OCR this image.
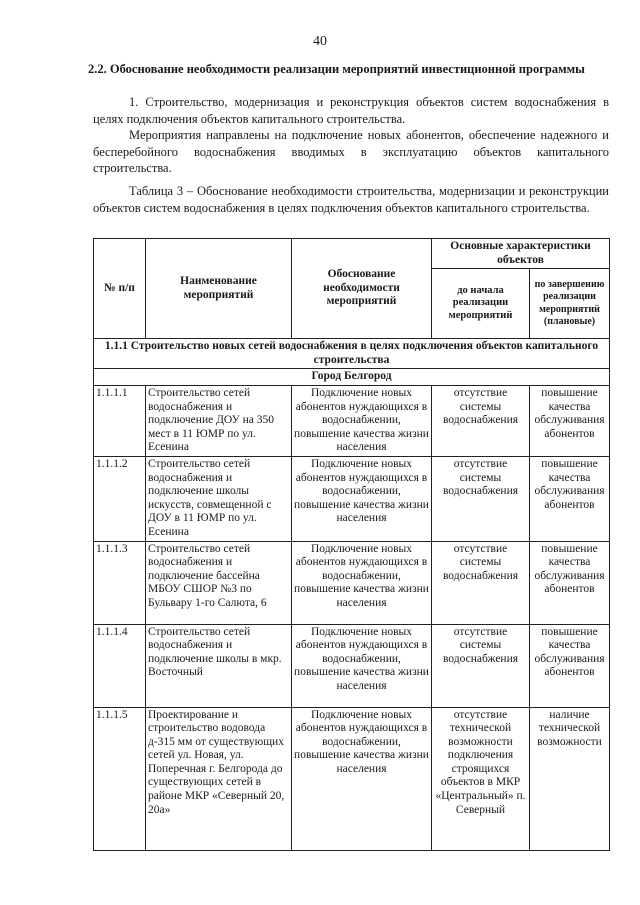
40
2.2. Обоснование необходимости реализации мероприятий инвестиционной программы
1. Строительство, модернизация и реконструкция объектов систем водоснабжения в целях подключения объектов капитального строительства.
Мероприятия направлены на подключение новых абонентов, обеспечение надежного и бесперебойного водоснабжения вводимых в эксплуатацию объектов капитального строительства.
Таблица 3 – Обоснование необходимости строительства, модернизации и реконструкции объектов систем водоснабжения в целях подключения объектов капитального строительства.
№ п/п	Наименование мероприятий	Обоснование необходимости мероприятий	Основные характеристики объектов	
			до начала реализации мероприятий	по завершению реализации мероприятий (плановые)
1.1.1 Строительство новых сетей водоснабжения в целях подключения объектов капитального строительства				
Город Белгород				
1.1.1.1	Строительство сетей водоснабжения и подключение ДОУ на 350 мест в 11 ЮМР по ул. Есенина	Подключение новых абонентов нуждающихся в водоснабжении, повышение качества жизни населения	отсутствие системы водоснабжения	повышение качества обслуживания абонентов
1.1.1.2	Строительство сетей водоснабжения и подключение школы искусств, совмещенной с ДОУ в 11 ЮМР по ул. Есенина	Подключение новых абонентов нуждающихся в водоснабжении, повышение качества жизни населения	отсутствие системы водоснабжения	повышение качества обслуживания абонентов
1.1.1.3	Строительство сетей водоснабжения и подключение бассейна МБОУ СШОР №3 по Бульвару 1-го Салюта, 6	Подключение новых абонентов нуждающихся в водоснабжении, повышение качества жизни населения	отсутствие системы водоснабжения	повышение качества обслуживания абонентов
1.1.1.4	Строительство сетей водоснабжения и подключение школы в мкр. Восточный	Подключение новых абонентов нуждающихся в водоснабжении, повышение качества жизни населения	отсутствие системы водоснабжения	повышение качества обслуживания абонентов
1.1.1.5	Проектирование и строительство водовода д-315 мм от существующих сетей ул. Новая, ул. Поперечная г. Белгорода до существующих сетей в районе МКР «Северный 20, 20а»	Подключение новых абонентов нуждающихся в водоснабжении, повышение качества жизни населения	отсутствие технической возможности подключения строящихся объектов в МКР «Центральный» п. Северный	наличие технической возможности
